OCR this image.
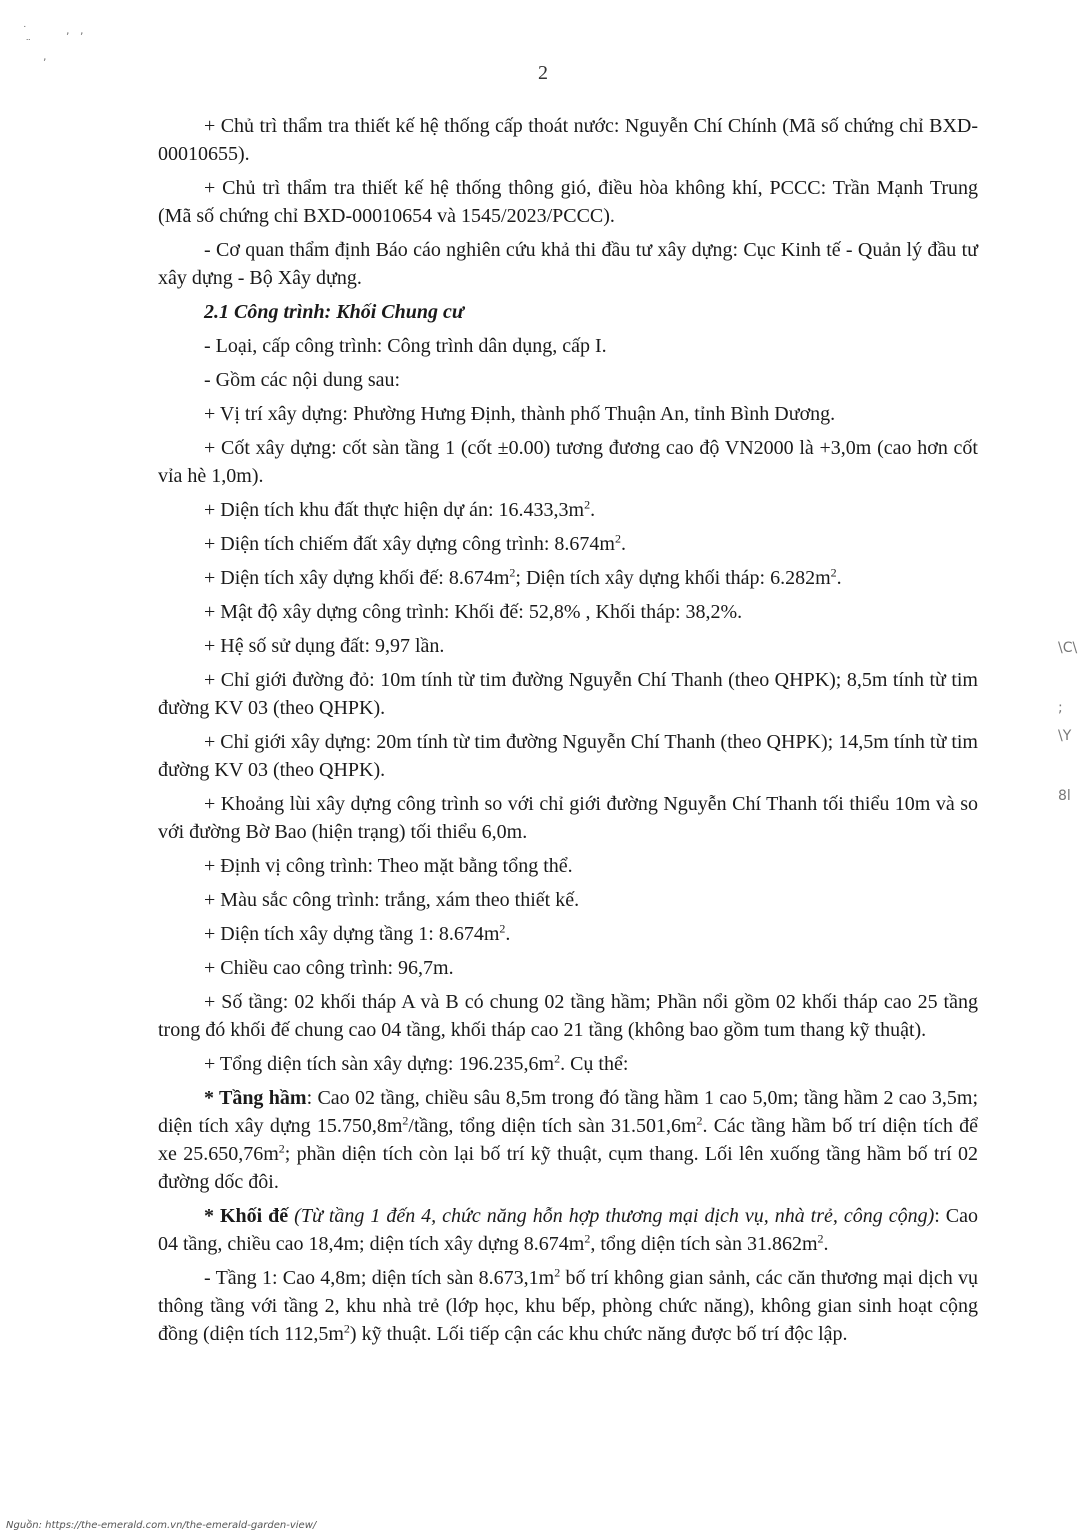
˙           ,   ,
¨
,
2

+ Chủ trì thẩm tra thiết kế hệ thống cấp thoát nước: Nguyễn Chí Chính (Mã số chứng chỉ BXD-00010655).

+ Chủ trì thẩm tra thiết kế hệ thống thông gió, điều hòa không khí, PCCC: Trần Mạnh Trung (Mã số chứng chỉ BXD-00010654 và 1545/2023/PCCC).

- Cơ quan thẩm định Báo cáo nghiên cứu khả thi đầu tư xây dựng: Cục Kinh tế - Quản lý đầu tư xây dựng - Bộ Xây dựng.

2.1 Công trình: Khối Chung cư

- Loại, cấp công trình: Công trình dân dụng, cấp I.

- Gồm các nội dung sau:

+ Vị trí xây dựng: Phường Hưng Định, thành phố Thuận An, tỉnh Bình Dương.

+ Cốt xây dựng: cốt sàn tầng 1 (cốt ±0.00) tương đương cao độ VN2000 là +3,0m (cao hơn cốt vỉa hè 1,0m).

+ Diện tích khu đất thực hiện dự án: $16.433,3m^2$.

+ Diện tích chiếm đất xây dựng công trình: $8.674m^2$.

+ Diện tích xây dựng khối đế: $8.674m^2$; Diện tích xây dựng khối tháp: $6.282m^2$.

+ Mật độ xây dựng công trình: Khối đế: 52,8% , Khối tháp: 38,2%.

+ Hệ số sử dụng đất: 9,97 lần.

+ Chỉ giới đường đỏ: 10m tính từ tim đường Nguyễn Chí Thanh (theo QHPK); 8,5m tính từ tim đường KV 03 (theo QHPK).

+ Chỉ giới xây dựng: 20m tính từ tim đường Nguyễn Chí Thanh (theo QHPK); 14,5m tính từ tim đường KV 03 (theo QHPK).

+ Khoảng lùi xây dựng công trình so với chỉ giới đường Nguyễn Chí Thanh tối thiểu 10m và so với đường Bờ Bao (hiện trạng) tối thiểu 6,0m.

+ Định vị công trình: Theo mặt bằng tổng thể.

+ Màu sắc công trình: trắng, xám theo thiết kế.

+ Diện tích xây dựng tầng 1: $8.674m^2$.

+ Chiều cao công trình: 96,7m.

+ Số tầng: 02 khối tháp A và B có chung 02 tầng hầm; Phần nổi gồm 02 khối tháp cao 25 tầng trong đó khối đế chung cao 04 tầng, khối tháp cao 21 tầng (không bao gồm tum thang kỹ thuật).

+ Tổng diện tích sàn xây dựng: $196.235,6m^2$. Cụ thể:

* Tầng hầm: Cao 02 tầng, chiều sâu 8,5m trong đó tầng hầm 1 cao 5,0m; tầng hầm 2 cao 3,5m; diện tích xây dựng $15.750,8m^2$/tầng, tổng diện tích sàn $31.501,6m^2$. Các tầng hầm bố trí diện tích để xe $25.650,76m^2$; phần diện tích còn lại bố trí kỹ thuật, cụm thang. Lối lên xuống tầng hầm bố trí 02 đường dốc đôi.

* Khối đế (Từ tầng 1 đến 4, chức năng hỗn hợp thương mại dịch vụ, nhà trẻ, công cộng): Cao 04 tầng, chiều cao 18,4m; diện tích xây dựng $8.674m^2$, tổng diện tích sàn $31.862m^2$.

- Tầng 1: Cao 4,8m; diện tích sàn $8.673,1m^2$ bố trí không gian sảnh, các căn thương mại dịch vụ thông tầng với tầng 2, khu nhà trẻ (lớp học, khu bếp, phòng chức năng), không gian sinh hoạt cộng đồng (diện tích $112,5m^2$) kỹ thuật. Lối tiếp cận các khu chức năng được bố trí độc lập.

\С\
;
\Y
8l
Nguồn: https://the-emerald.com.vn/the-emerald-garden-view/
